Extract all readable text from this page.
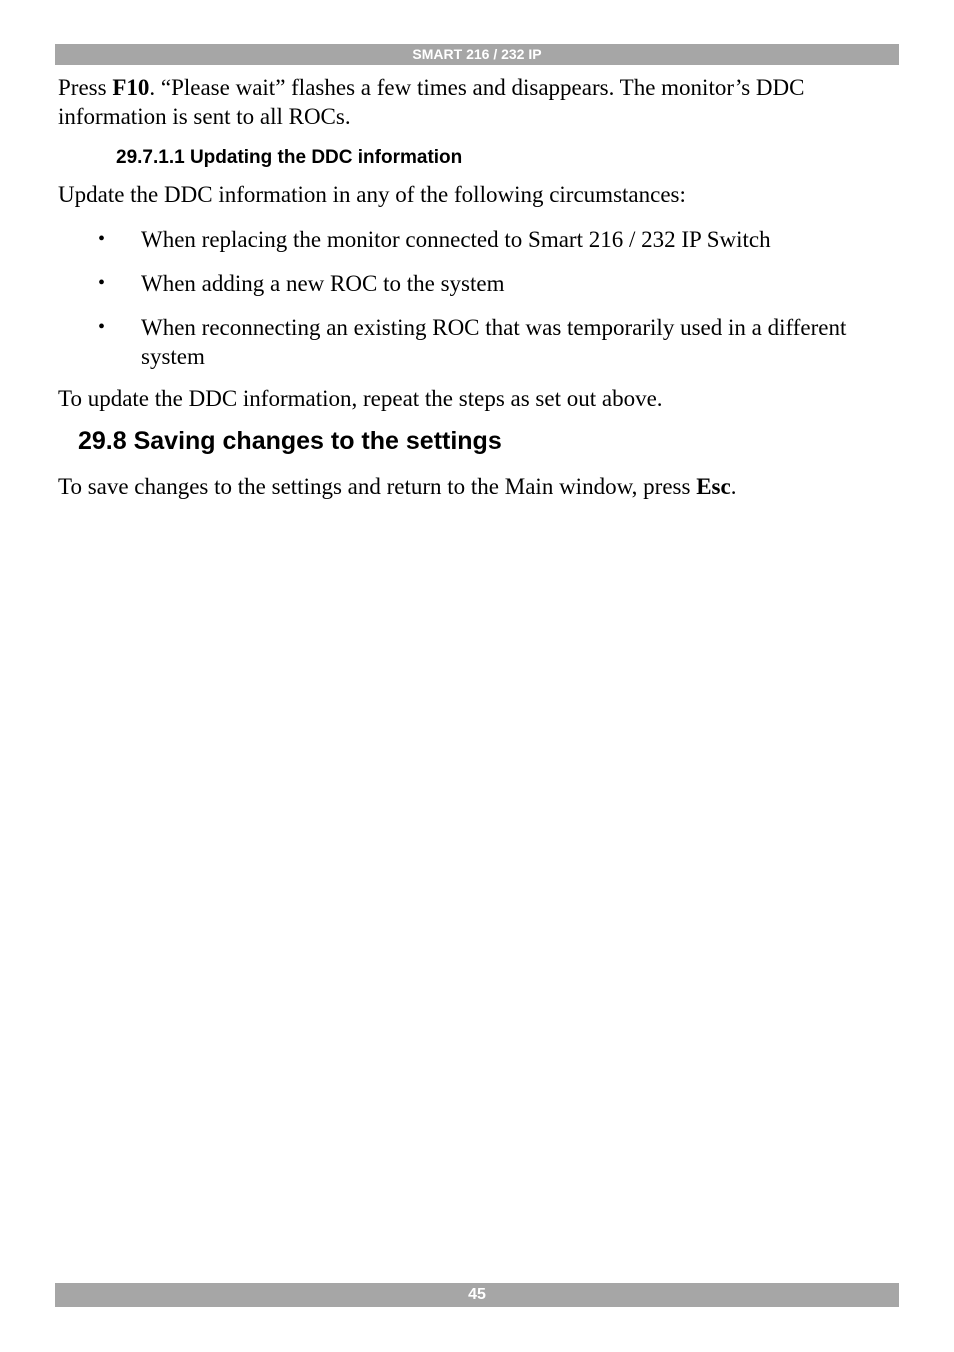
SMART 216 / 232 IP

Press F10. “Please wait” flashes a few times and disappears. The monitor’s DDC information is sent to all ROCs.

29.7.1.1 Updating the DDC information

Update the DDC information in any of the following circumstances:

•	When replacing the monitor connected to Smart 216 / 232 IP Switch
•	When adding a new ROC to the system
•	When reconnecting an existing ROC that was temporarily used in a different system

To update the DDC information, repeat the steps as set out above.

29.8 Saving changes to the settings

To save changes to the settings and return to the Main window, press Esc.

45
